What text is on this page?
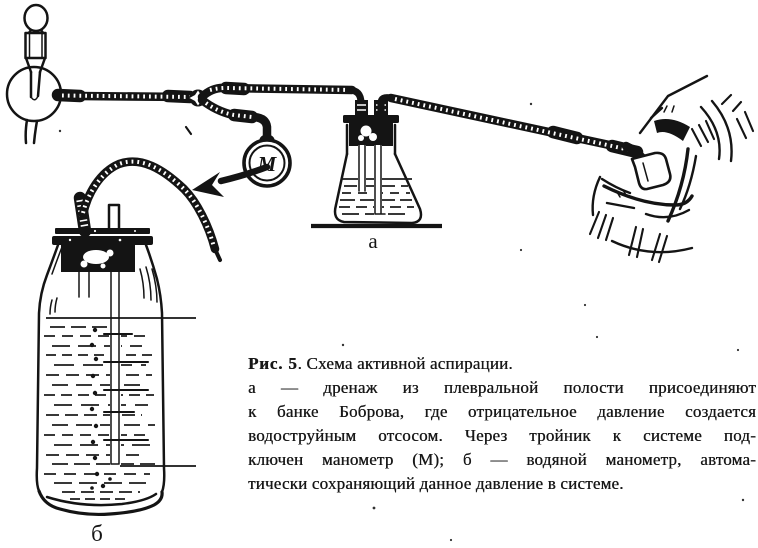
М
а
б
Рис. 5. Схема активной аспирации.
а — дренаж из плевральной полости присоединяют
к банке Боброва, где отрицательное давление создается
водоструйным отсосом. Через тройник к системе под-
ключен манометр (М); б — водяной манометр, автома-
тически сохраняющий данное давление в системе.
